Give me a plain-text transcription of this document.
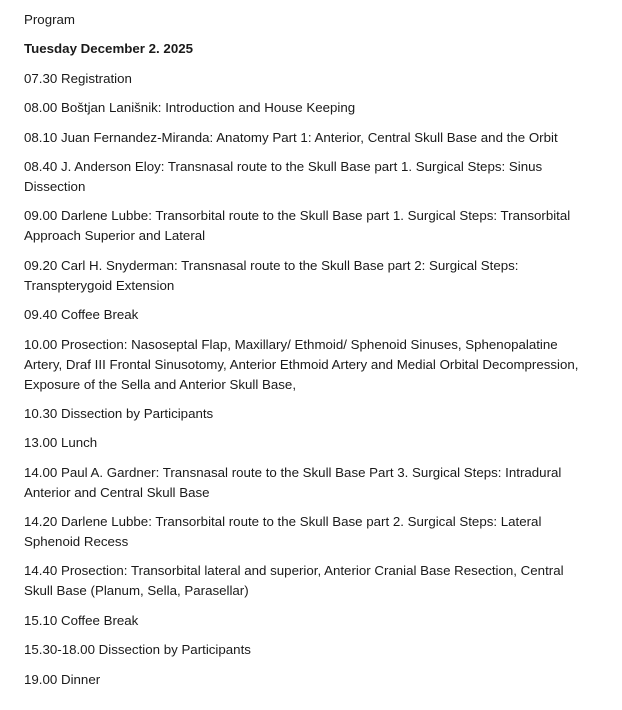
Program
Tuesday December 2. 2025
07.30 Registration
08.00 Boštjan Lanišnik: Introduction and House Keeping
08.10 Juan Fernandez-Miranda: Anatomy Part 1: Anterior, Central Skull Base and the Orbit
08.40 J. Anderson Eloy: Transnasal route to the Skull Base part 1. Surgical Steps: Sinus Dissection
09.00 Darlene Lubbe: Transorbital route to the Skull Base part 1. Surgical Steps: Transorbital Approach Superior and Lateral
09.20 Carl H. Snyderman: Transnasal route to the Skull Base part 2: Surgical Steps: Transpterygoid Extension
09.40 Coffee Break
10.00 Prosection: Nasoseptal Flap, Maxillary/ Ethmoid/ Sphenoid Sinuses, Sphenopalatine Artery, Draf III Frontal Sinusotomy, Anterior Ethmoid Artery and Medial Orbital Decompression, Exposure of the Sella and Anterior Skull Base,
10.30 Dissection by Participants
13.00 Lunch
14.00 Paul A. Gardner: Transnasal route to the Skull Base Part 3. Surgical Steps: Intradural Anterior and Central Skull Base
14.20 Darlene Lubbe: Transorbital route to the Skull Base part 2. Surgical Steps: Lateral Sphenoid Recess
14.40 Prosection: Transorbital lateral and superior, Anterior Cranial Base Resection, Central Skull Base (Planum, Sella, Parasellar)
15.10 Coffee Break
15.30-18.00 Dissection by Participants
19.00 Dinner
